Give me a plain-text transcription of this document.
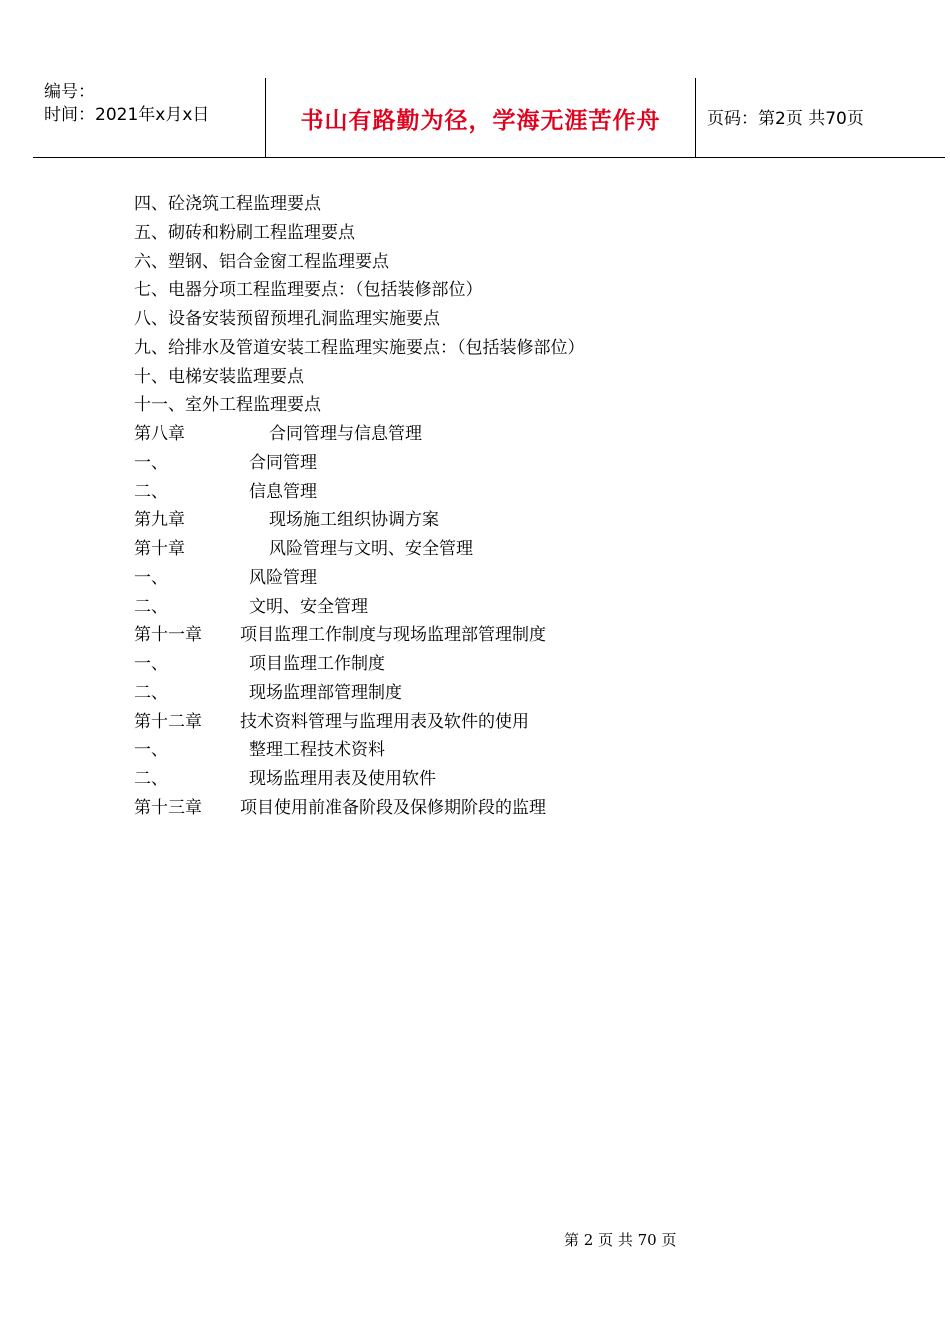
编号：
时间：2021年x月x日	书山有路勤为径，学海无涯苦作舟	页码：第2页 共70页
四、砼浇筑工程监理要点
五、砌砖和粉刷工程监理要点
六、塑钢、铝合金窗工程监理要点
七、电器分项工程监理要点：（包括装修部位）
八、设备安装预留预埋孔洞监理实施要点
九、给排水及管道安装工程监理实施要点：（包括装修部位）
十、电梯安装监理要点
十一、室外工程监理要点
第八章	合同管理与信息管理
一、	合同管理
二、	信息管理
第九章	现场施工组织协调方案
第十章	风险管理与文明、安全管理
一、	风险管理
二、	文明、安全管理
第十一章 项目监理工作制度与现场监理部管理制度
一、	项目监理工作制度
二、	现场监理部管理制度
第十二章 技术资料管理与监理用表及软件的使用
一、	整理工程技术资料
二、	现场监理用表及使用软件
第十三章 项目使用前准备阶段及保修期阶段的监理
第 2 页 共 70 页
